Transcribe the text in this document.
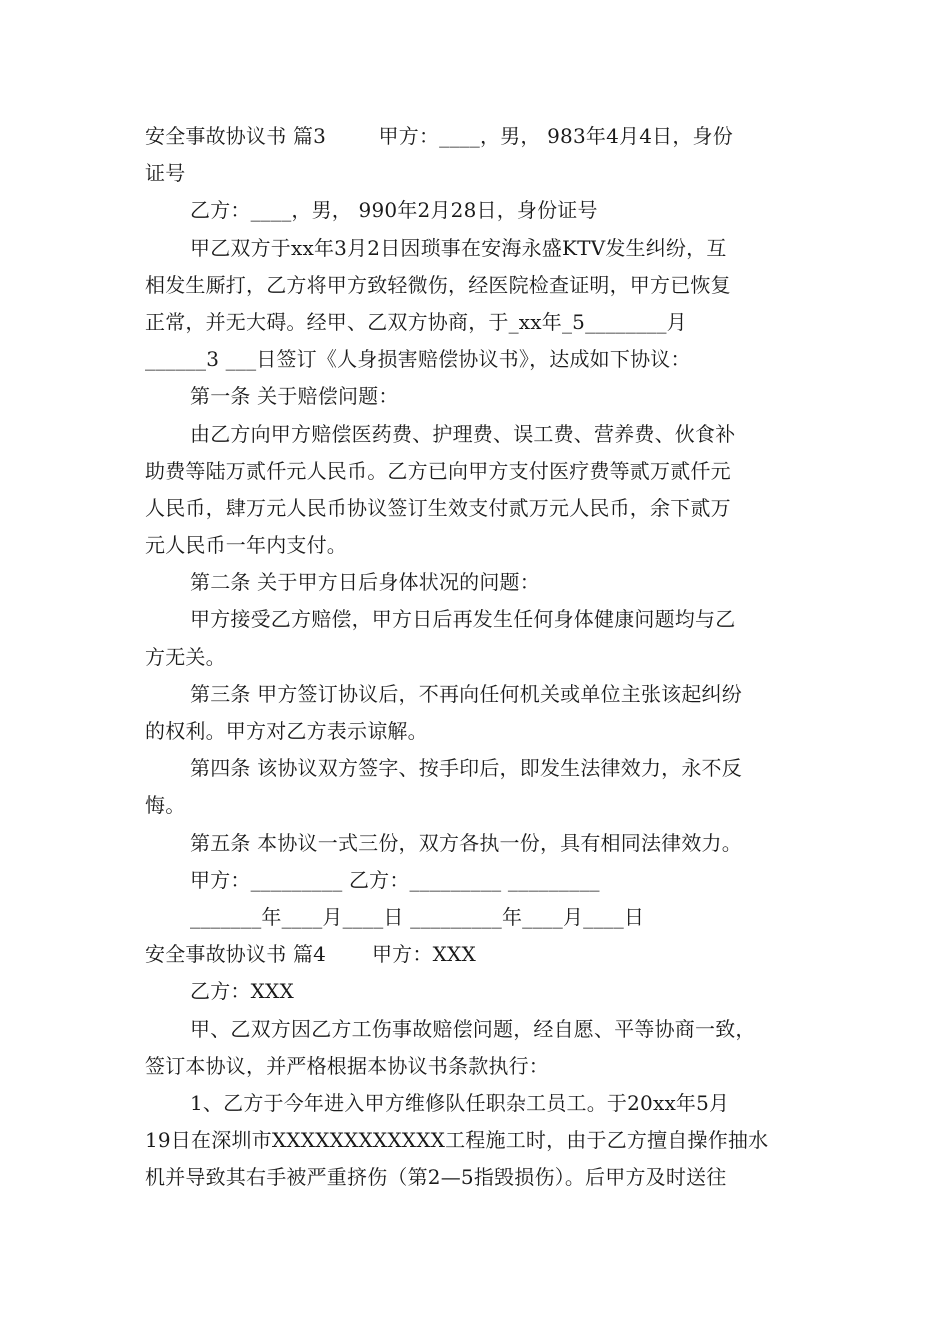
安全事故协议书 篇3        甲方：____，男， 983年4月4日，身份
证号
乙方：____，男， 990年2月28日，身份证号
甲乙双方于xx年3月2日因琐事在安海永盛KTV发生纠纷，互
相发生厮打，乙方将甲方致轻微伤，经医院检查证明，甲方已恢复
正常，并无大碍。经甲、乙双方协商，于_xx年_5________月
______3 ___日签订《人身损害赔偿协议书》，达成如下协议：
第一条 关于赔偿问题：
由乙方向甲方赔偿医药费、护理费、误工费、营养费、伙食补
助费等陆万贰仟元人民币。乙方已向甲方支付医疗费等贰万贰仟元
人民币，肆万元人民币协议签订生效支付贰万元人民币，余下贰万
元人民币一年内支付。
第二条 关于甲方日后身体状况的问题：
甲方接受乙方赔偿，甲方日后再发生任何身体健康问题均与乙
方无关。
第三条 甲方签订协议后，不再向任何机关或单位主张该起纠纷
的权利。甲方对乙方表示谅解。
第四条 该协议双方签字、按手印后，即发生法律效力，永不反
悔。
第五条 本协议一式三份，双方各执一份，具有相同法律效力。
甲方：_________ 乙方：_________ _________
_______年____月____日 _________年____月____日
安全事故协议书 篇4       甲方：XXX
乙方：XXX
甲、乙双方因乙方工伤事故赔偿问题，经自愿、平等协商一致，
签订本协议，并严格根据本协议书条款执行：
1、乙方于今年进入甲方维修队任职杂工员工。于20xx年5月
19日在深圳市XXXXXXXXXXXX工程施工时，由于乙方擅自操作抽水
机并导致其右手被严重挤伤（第2—5指毁损伤）。后甲方及时送往
